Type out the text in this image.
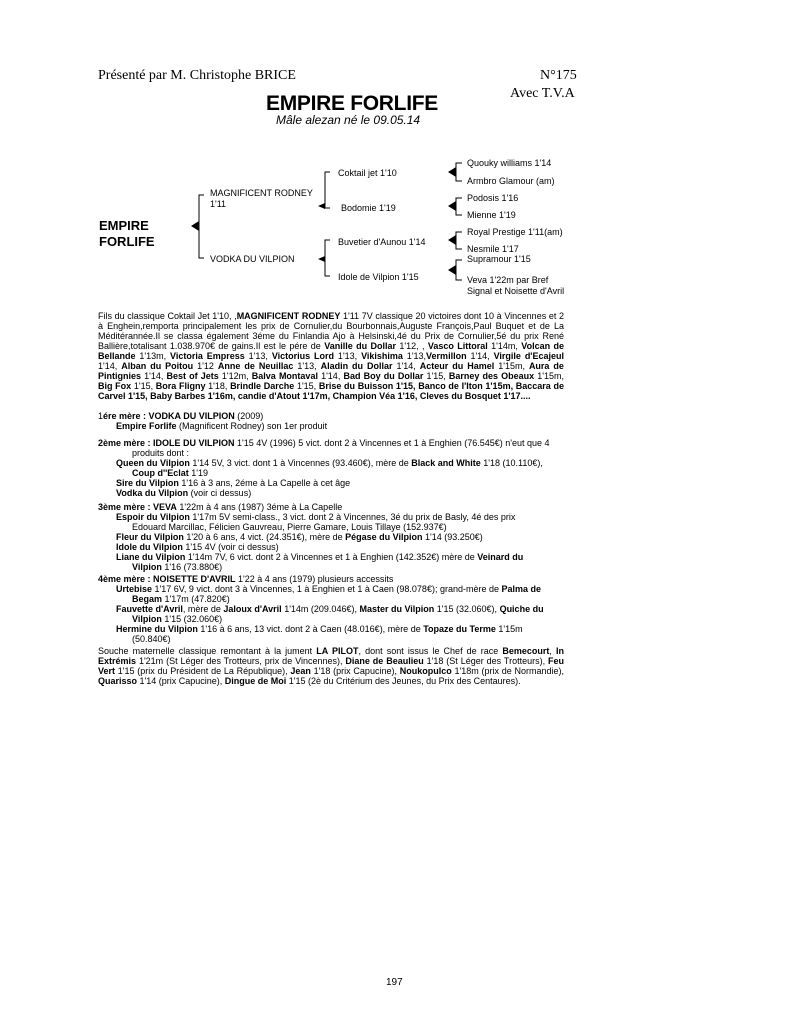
Présenté par M. Christophe BRICE	N°175
Avec T.V.A
EMPIRE FORLIFE
Mâle alezan né le 09.05.14
EMPIRE
FORLIFE
MAGNIFICENT RODNEY
1'11
VODKA DU VILPION
Coktail jet 1'10
Bodomie 1'19
Buvetier d'Aunou 1'14
Idole de Vilpion 1'15
Quouky williams 1'14
Armbro Glamour (am)
Podosis 1'16
Mienne 1'19
Royal Prestige 1'11(am)
Nesmile 1'17
Supramour 1'15
Veva 1'22m par Bref
Signal et Noisette d'Avril
Fils du classique Coktail Jet 1'10, ,MAGNIFICENT RODNEY 1'11 7V classique 20 victoires dont 10 à Vincennes et 2 à Enghein,remporta principalement les prix de Cornulier,du Bourbonnais,Auguste François,Paul Buquet et de La Méditérannée.Il se classa également 3éme du Finlandia Ajo à Helsinski,4é du Prix de Cornulier,5é du prix René Ballière,totalisant 1.038.970€ de gains.Il est le pére de Vanille du Dollar 1'12, , Vasco Littoral 1'14m, Volcan de Bellande 1'13m, Victoria Empress 1'13, Victorius Lord 1'13, Vikishima 1'13,Vermillon 1'14, Virgile d'Ecajeul 1'14, Alban du Poitou 1'12 Anne de Neuillac 1'13, Aladin du Dollar 1'14, Acteur du Hamel 1'15m, Aura de Pintignies 1'14, Best of Jets 1'12m, Balva Montaval 1'14, Bad Boy du Dollar 1'15, Barney des Obeaux 1'15m, Big Fox 1'15, Bora Fligny 1'18, Brindle Darche 1'15, Brise du Buisson 1'15, Banco de l'Iton 1'15m, Baccara de Carvel 1'15, Baby Barbes 1'16m, candie d'Atout 1'17m, Champion Véa 1'16, Cleves du Bosquet 1'17....
1ére mère : VODKA DU VILPION (2009)
Empire Forlife (Magnificent Rodney) son 1er produit
2ème mère : IDOLE DU VILPION 1'15 4V (1996) 5 vict. dont 2 à Vincennes et 1 à Enghien (76.545€) n'eut que 4
produits dont :
Queen du Vilpion 1'14 5V, 3 vict. dont 1 à Vincennes (93.460€), mère de Black and White 1'18 (10.110€),
Coup d''Eclat 1'19
Sire du Vilpion 1'16 à 3 ans, 2éme à La Capelle à cet âge
Vodka du Vilpion (voir ci dessus)
3ème mère : VEVA 1'22m à 4 ans (1987) 3éme à La Capelle
Espoir du Vilpion 1'17m 5V semi-class., 3 vict. dont 2 à Vincennes, 3é du prix de Basly, 4é des prix
Edouard Marcillac, Félicien Gauvreau, Pierre Gamare, Louis Tillaye (152.937€)
Fleur du Vilpion 1'20 à 6 ans, 4 vict. (24.351€), mère de Pégase du Vilpion 1'14 (93.250€)
Idole du Vilpion 1'15 4V (voir ci dessus)
Liane du Vilpion 1'14m 7V, 6 vict. dont 2 à Vincennes et 1 à Enghien (142.352€) mère de Veinard du
Vilpion 1'16 (73.880€)
4ème mère : NOISETTE D'AVRIL 1'22 à 4 ans (1979) plusieurs accessits
Urtebise 1'17 6V, 9 vict. dont 3 à Vincennes, 1 à Enghien et 1 à Caen (98.078€); grand-mère de Palma de
Begam 1'17m (47.820€)
Fauvette d'Avril, mère de Jaloux d'Avril 1'14m (209.046€), Master du Vilpion 1'15 (32.060€), Quiche du
Vilpion 1'15 (32.060€)
Hermine du Vilpion 1'16 à 6 ans, 13 vict. dont 2 à Caen (48.016€), mère de Topaze du Terme 1'15m
(50.840€)
Souche maternelle classique remontant à la jument LA PILOT, dont sont issus le Chef de race Bemecourt, In Extrémis 1'21m (St Léger des Trotteurs, prix de Vincennes), Diane de Beaulieu 1'18 (St Léger des Trotteurs), Feu Vert 1'15 (prix du Président de La République), Jean 1'18 (prix Capucine), Noukopulco 1'18m (prix de Normandie), Quarisso 1'14 (prix Capucine), Dingue de Moi 1'15 (2è du Critérium des Jeunes, du Prix des Centaures).
197
